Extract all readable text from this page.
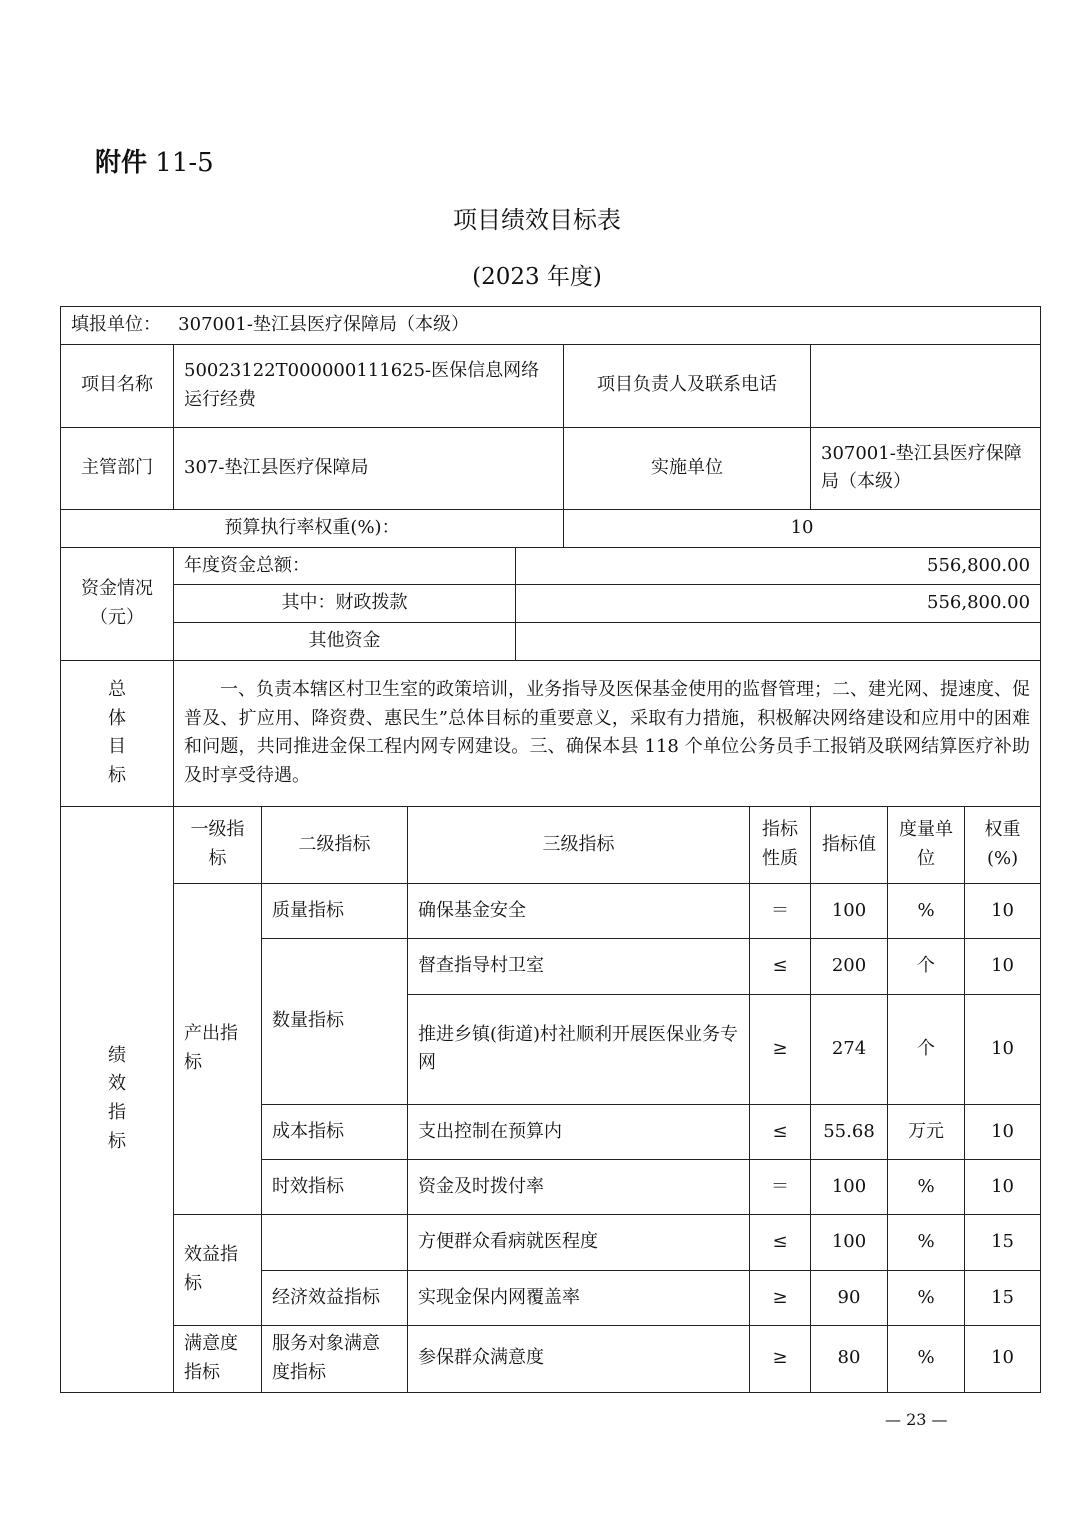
附件 11-5
项目绩效目标表
(2023 年度)
填报单位： 307001-垫江县医疗保障局（本级）									
项目名称	50023122T000000111625-医保信息网络运行经费				项目负责人及联系电话				
主管部门	307-垫江县医疗保障局				实施单位		307001-垫江县医疗保障局（本级）		
预算执行率权重(%)：					10				

资金情况
（元）	年度资金总额：			556,800.00					
	其中：财政拨款			556,800.00					
	其他资金								

总
体
目
标	一、负责本辖区村卫生室的政策培训，业务指导及医保基金使用的监督管理；二、建光网、提速度、促普及、扩应用、降资费、惠民生”总体目标的重要意义，采取有力措施，积极解决网络建设和应用中的困难和问题，共同推进金保工程内网专网建设。三、确保本县 118 个单位公务员手工报销及联网结算医疗补助及时享受待遇。								

绩
效
指
标	一级指标	二级指标	三级指标			指标性质	指标值	度量单位	权重(%)
	产出指标	质量指标	确保基金安全			＝	100	%	10
		数量指标	督查指导村卫室			≤	200	个	10
			推进乡镇(街道)村社顺利开展医保业务专网			≥	274	个	10
		成本指标	支出控制在预算内			≤	55.68	万元	10
		时效指标	资金及时拨付率			＝	100	%	10
	效益指标		方便群众看病就医程度			≤	100	%	15
		经济效益指标	实现金保内网覆盖率			≥	90	%	15
	满意度指标	服务对象满意度指标	参保群众满意度			≥	80	%	10
— 23 —
